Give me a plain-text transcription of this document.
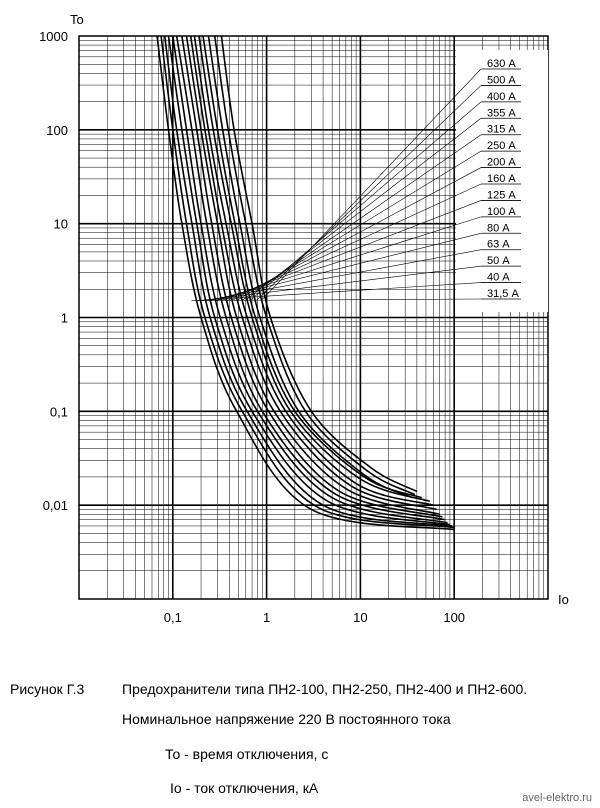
630 А
500 А
400 А
355 А
315 А
250 А
200 А
160 А
125 А
100 А
80 А
63 А
50 А
40 А
31,5 А
0,1	1	10	100
1000
100
10
1
0,1
0,01
To
Io
Рисунок Г.3	Предохранители типа ПН2-100, ПН2-250, ПН2-400 и ПН2-600.
Номинальное напряжение 220 В постоянного тока
То - время отключения, с
Io - ток отключения, кА
avel-elektro.ru
